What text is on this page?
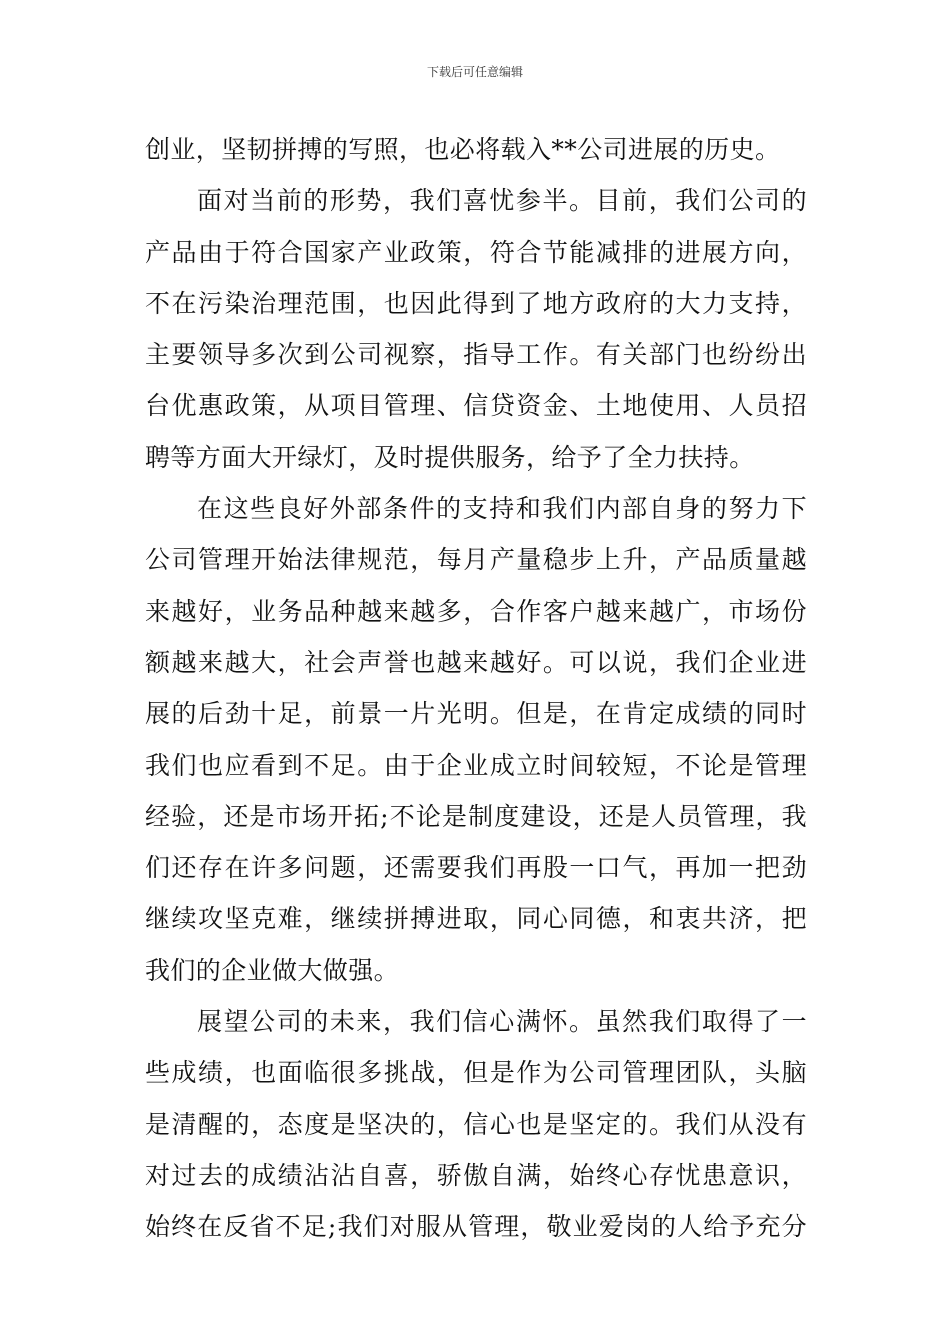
下载后可任意编辑
创业，坚韧拼搏的写照，也必将载入**公司进展的历史。
面对当前的形势，我们喜忧参半。目前，我们公司的
产品由于符合国家产业政策，符合节能减排的进展方向，
不在污染治理范围，也因此得到了地方政府的大力支持，
主要领导多次到公司视察，指导工作。有关部门也纷纷出
台优惠政策，从项目管理、信贷资金、土地使用、人员招
聘等方面大开绿灯，及时提供服务，给予了全力扶持。
在这些良好外部条件的支持和我们内部自身的努力下
公司管理开始法律规范，每月产量稳步上升，产品质量越
来越好，业务品种越来越多，合作客户越来越广，市场份
额越来越大，社会声誉也越来越好。可以说，我们企业进
展的后劲十足，前景一片光明。但是，在肯定成绩的同时
我们也应看到不足。由于企业成立时间较短，不论是管理
经验，还是市场开拓;不论是制度建设，还是人员管理，我
们还存在许多问题，还需要我们再股一口气，再加一把劲
继续攻坚克难，继续拼搏进取，同心同德，和衷共济，把
我们的企业做大做强。
展望公司的未来，我们信心满怀。虽然我们取得了一
些成绩，也面临很多挑战，但是作为公司管理团队，头脑
是清醒的，态度是坚决的，信心也是坚定的。我们从没有
对过去的成绩沾沾自喜，骄傲自满，始终心存忧患意识，
始终在反省不足;我们对服从管理，敬业爱岗的人给予充分
